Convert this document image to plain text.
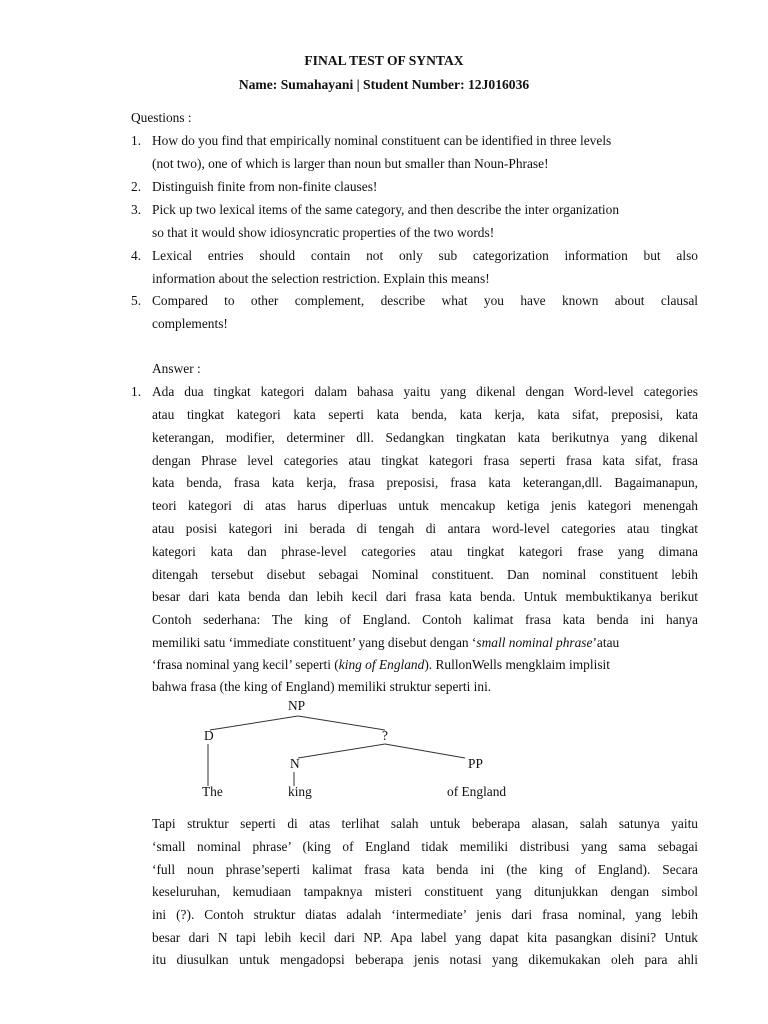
FINAL TEST OF SYNTAX
Name: Sumahayani | Student Number: 12J016036
Questions :
1. How do you find that empirically nominal constituent can be identified in three levels
(not two), one of which is larger than noun but smaller than Noun-Phrase!
2. Distinguish finite from non-finite clauses!
3. Pick up two lexical items of the same category, and then describe the inter organization
so that it would show idiosyncratic properties of the two words!
4. Lexical entries should contain not only sub categorization information but also
information about the selection restriction. Explain this means!
5. Compared to other complement, describe what you have known about clausal
complements!
Answer :
1. Ada dua tingkat kategori dalam bahasa yaitu yang dikenal dengan Word-level categories
atau tingkat kategori kata seperti kata benda, kata kerja, kata sifat, preposisi, kata
keterangan, modifier, determiner dll. Sedangkan tingkatan kata berikutnya yang dikenal
dengan Phrase level categories atau tingkat kategori frasa seperti frasa kata sifat, frasa
kata benda, frasa kata kerja, frasa preposisi, frasa kata keterangan,dll. Bagaimanapun,
teori kategori di atas harus diperluas untuk mencakup ketiga jenis kategori menengah
atau posisi kategori ini berada di tengah di antara word-level categories atau tingkat
kategori kata dan phrase-level categories atau tingkat kategori frase yang dimana
ditengah tersebut disebut sebagai Nominal constituent. Dan nominal constituent lebih
besar dari kata benda dan lebih kecil dari frasa kata benda. Untuk membuktikanya berikut
Contoh sederhana: The king of England. Contoh kalimat frasa kata benda ini hanya
memiliki satu ‘immediate constituent’ yang disebut dengan ‘small nominal phrase’atau
‘frasa nominal yang kecil’ seperti (king of England). RullonWells mengklaim implisit
bahwa frasa (the king of England) memiliki struktur seperti ini.
NP
D	?
N	PP
The	king	of England
Tapi struktur seperti di atas terlihat salah untuk beberapa alasan, salah satunya yaitu
‘small nominal phrase’ (king of England tidak memiliki distribusi yang sama sebagai
‘full noun phrase’seperti kalimat frasa kata benda ini (the king of England). Secara
keseluruhan, kemudiaan tampaknya misteri constituent yang ditunjukkan dengan simbol
ini (?). Contoh struktur diatas adalah ‘intermediate’ jenis dari frasa nominal, yang lebih
besar dari N tapi lebih kecil dari NP. Apa label yang dapat kita pasangkan disini? Untuk
itu diusulkan untuk mengadopsi beberapa jenis notasi yang dikemukakan oleh para ahli
